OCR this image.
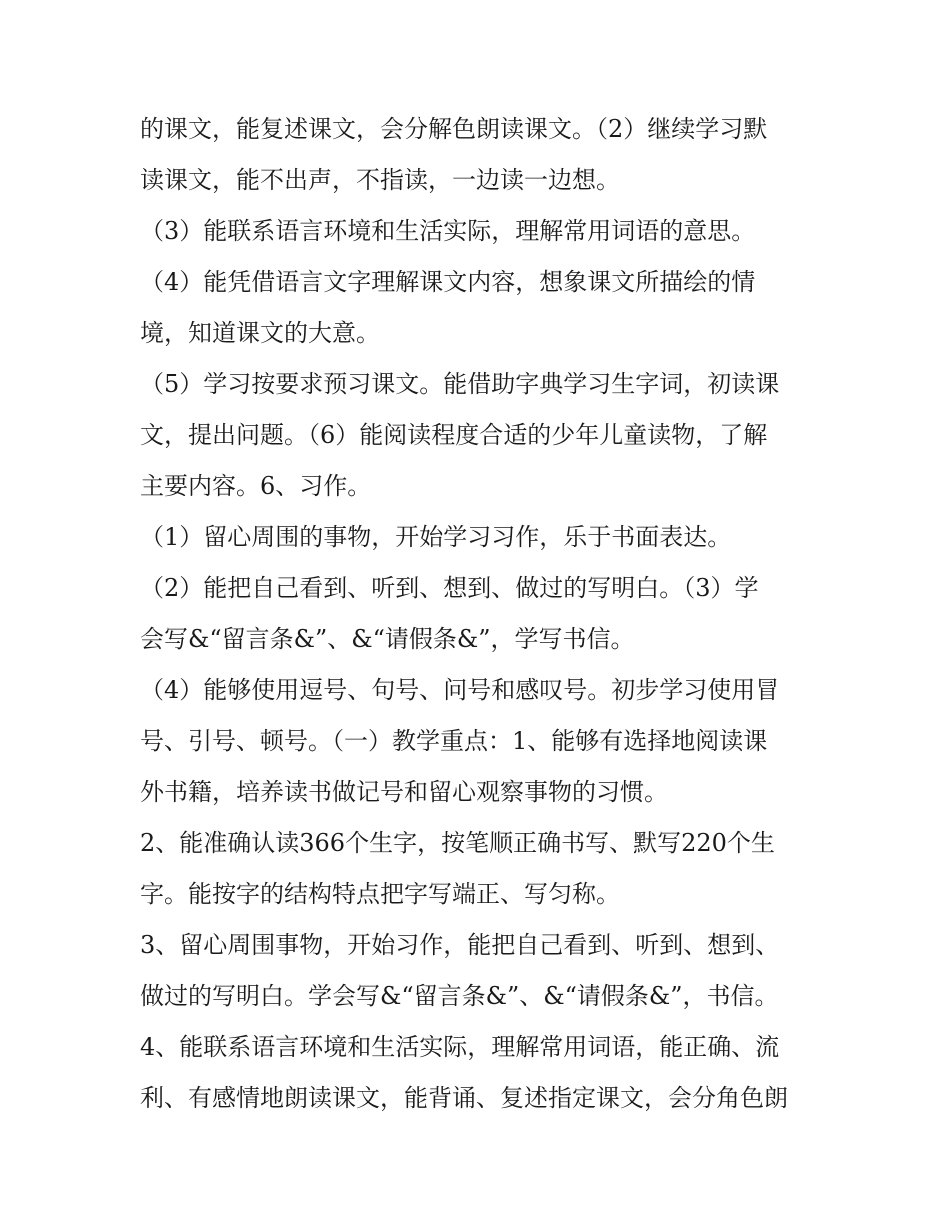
的课文，能复述课文，会分解色朗读课文。（2）继续学习默
读课文，能不出声，不指读，一边读一边想。
（3）能联系语言环境和生活实际，理解常用词语的意思。
（4）能凭借语言文字理解课文内容，想象课文所描绘的情
境，知道课文的大意。
（5）学习按要求预习课文。能借助字典学习生字词，初读课
文，提出问题。（6）能阅读程度合适的少年儿童读物，了解
主要内容。6、习作。
（1）留心周围的事物，开始学习习作，乐于书面表达。
（2）能把自己看到、听到、想到、做过的写明白。（3）学
会写&“留言条&”、&“请假条&”，学写书信。
（4）能够使用逗号、句号、问号和感叹号。初步学习使用冒
号、引号、顿号。（一）教学重点：1、能够有选择地阅读课
外书籍，培养读书做记号和留心观察事物的习惯。
2、能准确认读366个生字，按笔顺正确书写、默写220个生
字。能按字的结构特点把字写端正、写匀称。
3、留心周围事物，开始习作，能把自己看到、听到、想到、
做过的写明白。学会写&“留言条&”、&“请假条&”，书信。
4、能联系语言环境和生活实际，理解常用词语，能正确、流
利、有感情地朗读课文，能背诵、复述指定课文，会分角色朗
